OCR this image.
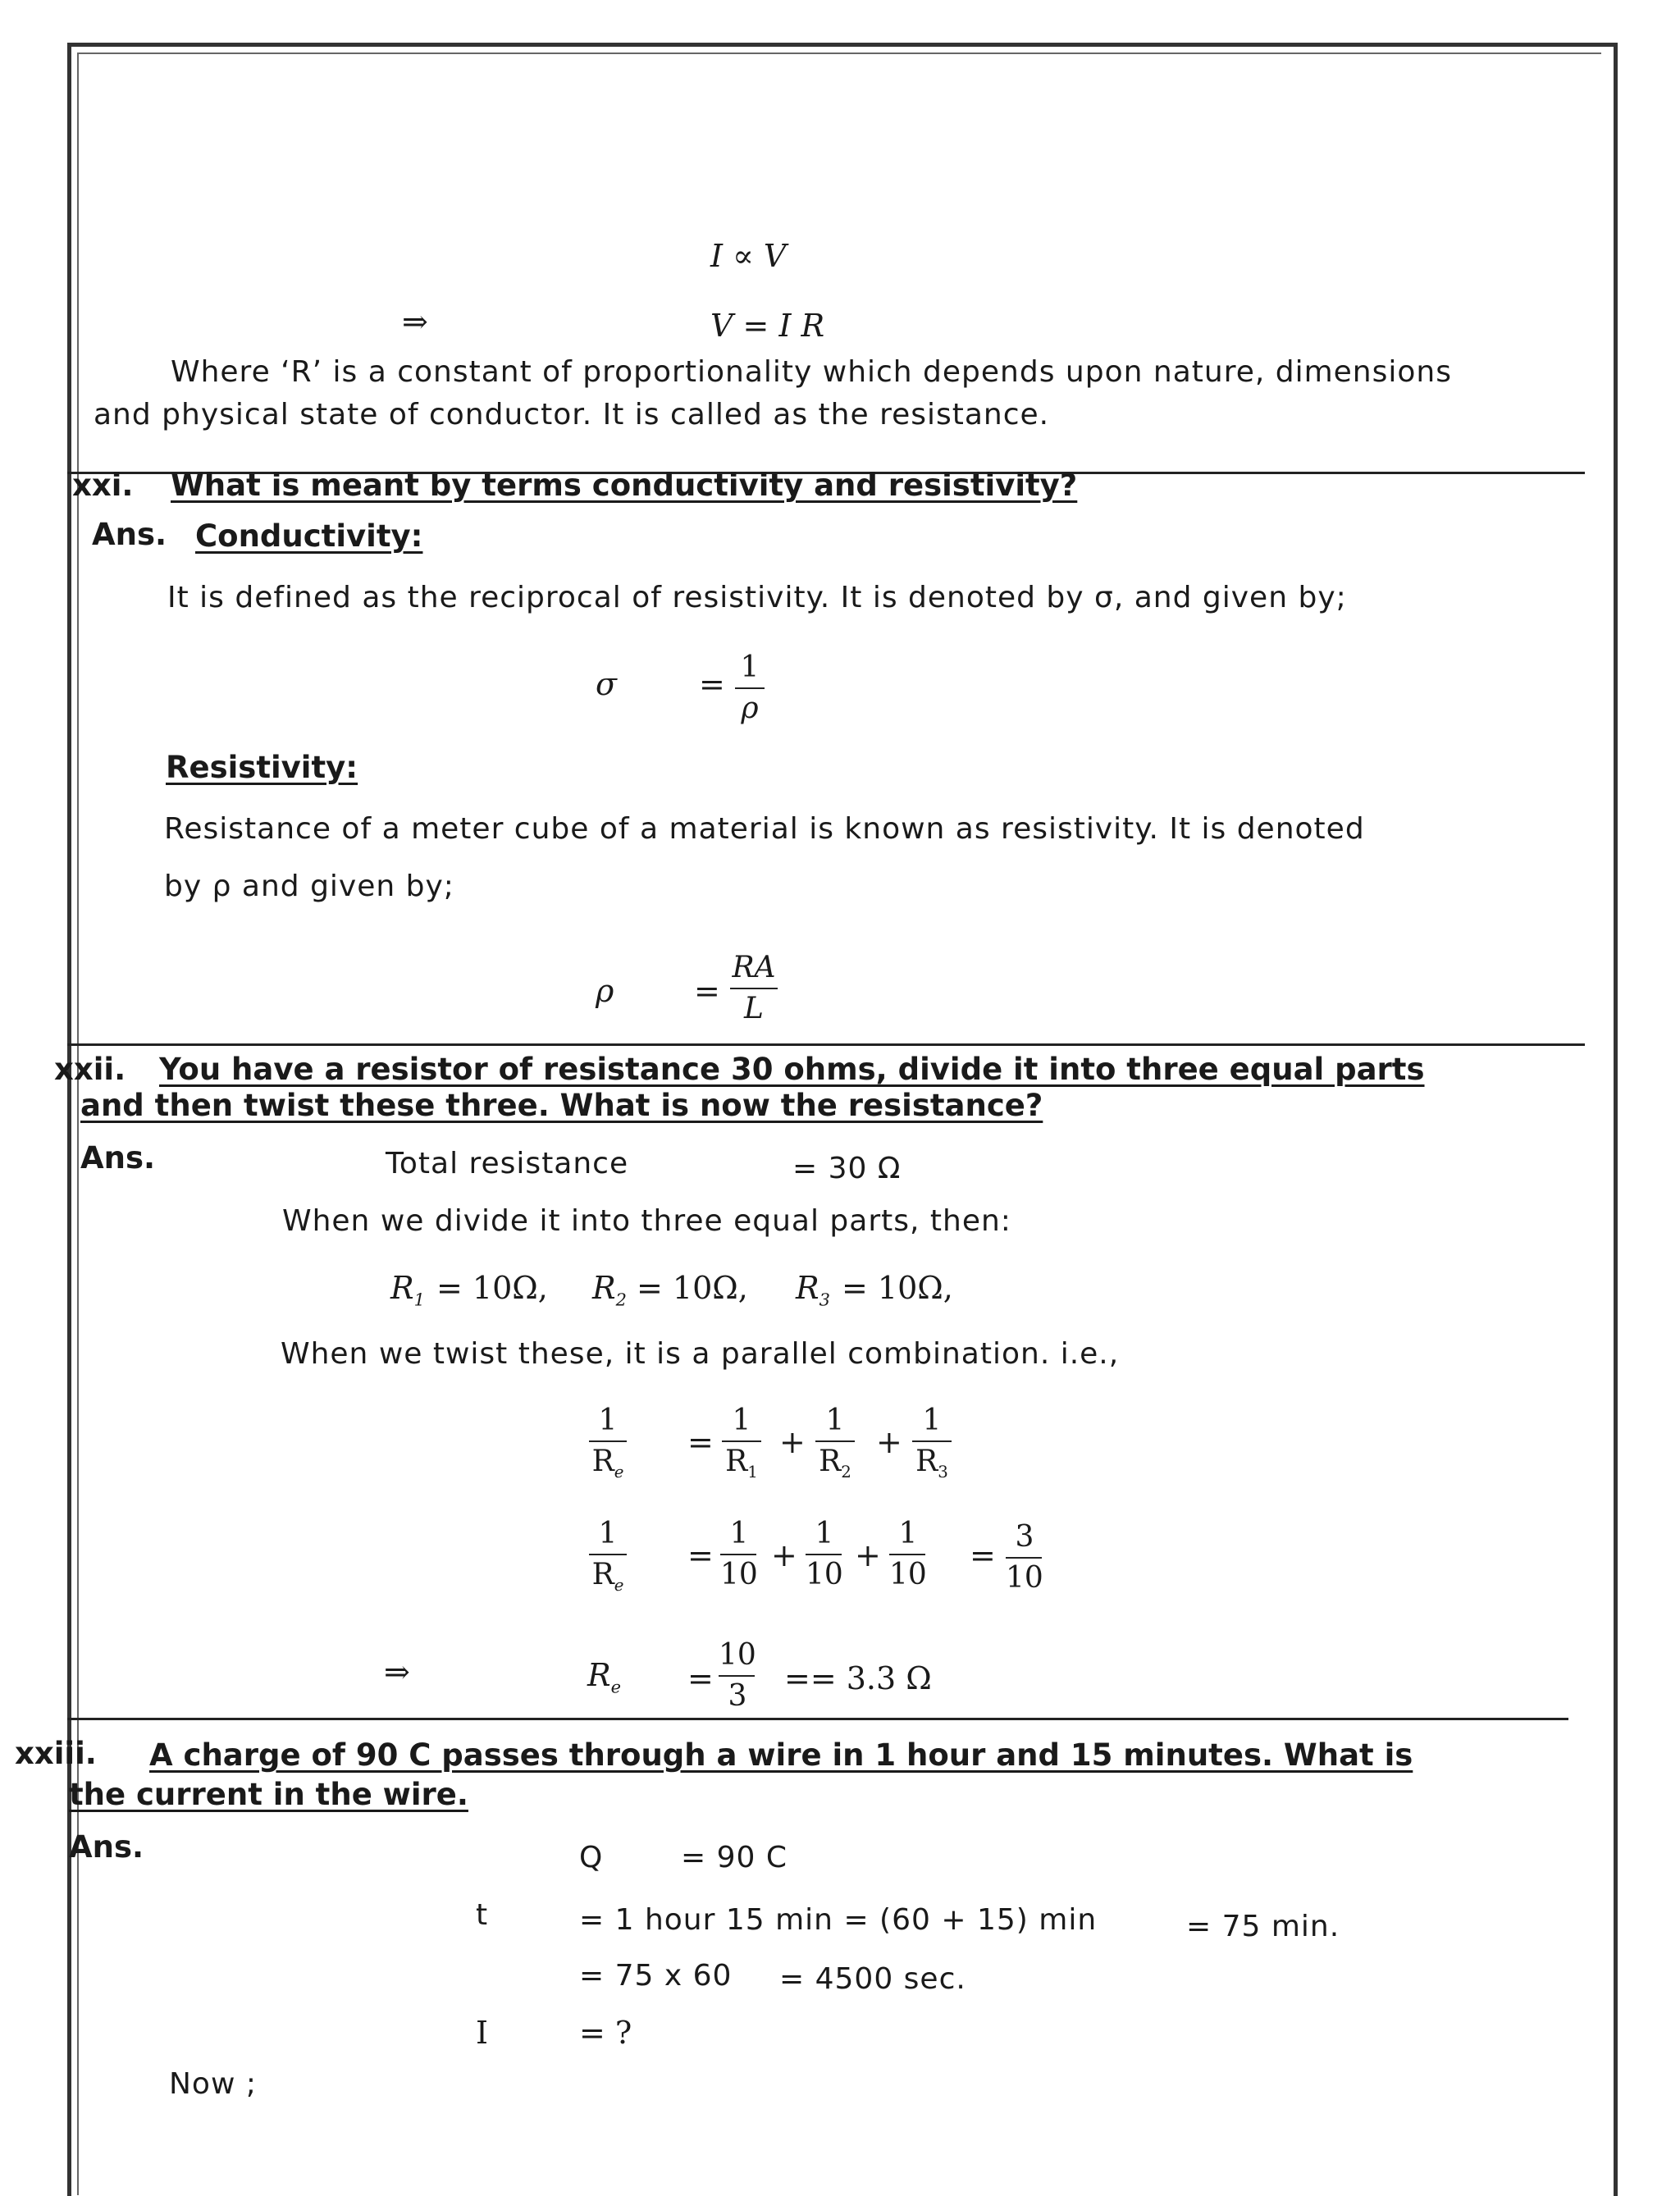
I ∝ V
⇒	V = I R
Where ‘R’ is a constant of proportionality which depends upon nature, dimensions
and physical state of conductor. It is called as the resistance.
xxi. What is meant by terms conductivity and resistivity?
Ans. Conductivity:
It is defined as the reciprocal of resistivity. It is denoted by σ, and given by;
σ	= 1
ρ
Resistivity:
Resistance of a meter cube of a material is known as resistivity. It is denoted
by ρ and given by;
ρ	=
RA
L
xxii. You have a resistor of resistance 30 ohms, divide it into three equal parts
and then twist these three. What is now the resistance?
Ans.	Total resistance	= 30 Ω
When we divide it into three equal parts, then:
$R_1 = 10\Omega$, $R_2 = 10\Omega$, $R_3 = 10\Omega$,
When we twist these, it is a parallel combination. i.e.,
1
$R_e$
=
1
$R_1$
+
1
$R_2$
+
1
$R_3$
1
$R_e$
=
1
10
+
1
10
+
1
10
=
3
10
⇒	$R_e$ =
10
3 == 3.3 Ω
xxiii. A charge of 90 C passes through a wire in 1 hour and 15 minutes. What is
the current in the wire.
Ans.	Q	= 90 C
t	= 1 hour 15 min = (60 + 15) min	= 75 min.
= 75 x 60 = 4500 sec.
I	= ?
Now ;
